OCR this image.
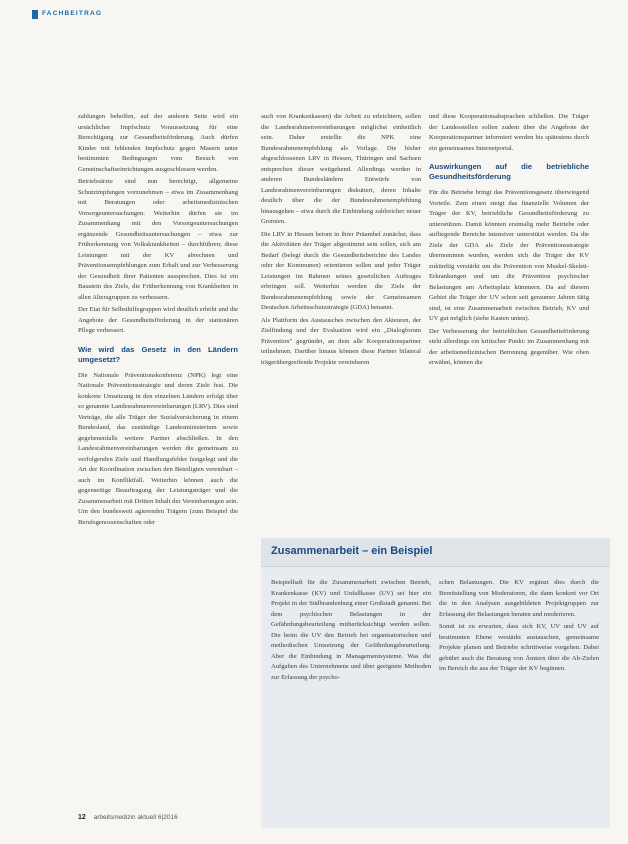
FACHBEITRAG

zahlungen beholfen, auf der anderen Seite wird ein ursächlicher Impfschutz Voraussetzung für eine Berechtigung zur Gesundheitsförderung. Auch dürfen Kinder mit fehlenden Impfschutz gegen Masern unter bestimmten Bedingungen vom Besuch von Gemeinschaftseinrichtungen ausgeschlossen werden.

Betriebsärzte sind nun berechtigt, allgemeine Schutzimpfungen vorzunehmen – etwa im Zusammenhang mit Beratungen oder arbeitsmedizinischen Vorsorgeuntersuchungen. Weiterhin dürfen sie im Zusammenhang mit den Vorsorgeuntersuchungen ergänzende Gesundheitsuntersuchungen – etwa zur Früherkennung von Volkskrankheiten – durchführen; diese Leistungen mit der KV abrechnen und Präventionsempfehlungen zum Erhalt und zur Verbesserung der Gesundheit ihrer Patienten aussprechen. Dies ist ein Baustein des Ziels, die Früherkennung von Krankheiten in allen Altersgruppen zu verbessern.

Der Etat für Selbsthilfegruppen wird deutlich erhöht und die Angebote der Gesundheitsförderung in der stationären Pflege verbessert.

Wie wird das Gesetz in den Ländern umgesetzt?

Die Nationale Präventionskonferenz (NPK) legt eine Nationale Präventionsstrategie und deren Ziele fest. Die konkrete Umsetzung in den einzelnen Ländern erfolgt über so genannte Landesrahmenvereinbarungen (LRV). Dies sind Verträge, die alle Träger der Sozialversicherung in einem Bundesland, das zuständige Landesministerium sowie gegebenenfalls weitere Partner abschließen. In den Landesrahmenvereinbarungen werden die gemeinsam zu verfolgenden Ziele und Handlungsfelder festgelegt und die Art der Koordination zwischen den Beteiligten vereinbart – auch im Konfliktfall. Weiterhin können auch die gegenseitige Beauftragung der Leistungsträger und die Zusammenarbeit mit Dritten Inhalt der Vereinbarungen sein. Um den bundesweit agierenden Trägern (zum Beispiel die Berufsgenossenschaften oder

auch von Krankenkassen) die Arbeit zu erleichtern, sollen die Landesrahmenvereinbarungen möglichst einheitlich sein. Daher erstellte die NPK eine Bundesrahmenempfehlung als Vorlage. Die bisher abgeschlossenen LRV in Hessen, Thüringen und Sachsen entsprechen dieser weitgehend. Allerdings werden in anderen Bundesländern Entwürfe von Landesrahmenvereinbarungen diskutiert, deren Inhalte deutlich über die der Bundesrahmenempfehlung hinausgehen – etwa durch die Einbindung zahlreicher neuer Gremien.

Die LRV in Hessen betont in ihrer Präambel zunächst, dass die Aktivitäten der Träger abgestimmt sein sollen, sich am Bedarf (belegt durch die Gesundheitsberichte des Landes oder der Kommunen) orientieren sollen und jeder Träger Leistungen im Rahmen seines gesetzlichen Auftrages erbringen soll. Weiterhin werden die Ziele der Bundesrahmenempfehlung sowie der Gemeinsamen Deutschen Arbeitsschutzstrategie (GDA) benannt.

Als Plattform des Austausches zwischen den Akteuren, der Zielfindung und der Evaluation wird ein „Dialogforum Prävention" gegründet, an dem alle Kooperationspartner teilnehmen. Darüber hinaus können diese Partner bilateral trägerübergreifende Projekte vereinbaren

und diese Kooperationsabsprachen schließen. Die Träger der Landesstellen sollen zudem über die Angebote der Kooperationspartner informiert werden bis spätestens durch ein gemeinsames Internetportal.

Auswirkungen auf die betriebliche Gesundheitsförderung

Für die Betriebe bringt das Präventionsgesetz überwiegend Vorteile. Zum einen steigt das finanzielle Volumen der Träger der KV, betriebliche Gesundheitsförderung zu unterstützen. Damit könnten erstmalig mehr Betriebe oder aufliegende Bereiche intensiver unterstützt werden. Da die Ziele der GDA als Ziele der Präventionsstrategie übernommen wurden, werden sich die Träger der KV zukünftig verstärkt um die Prävention von Muskel-Skelett-Erkrankungen und um die Prävention psychischer Belastungen am Arbeitsplatz kümmern. Da auf diesem Gebiet die Träger der UV schon seit geraumer Jahren tätig sind, ist eine Zusammenarbeit zwischen Betrieb, KV und UV gut möglich (siehe Kasten unten).

Der Verbesserung der betrieblichen Gesundheitsförderung steht allerdings ein kritischer Punkt: im Zusammenhang mit der arbeitsmedizinischen Betreuung gegenüber. Wie oben erwähnt, können die

Zusammenarbeit – ein Beispiel

Beispielhaft für die Zusammenarbeit zwischen Betrieb, Krankenkasse (KV) und Unfallkasse (UV) sei hier ein Projekt in der Südbrandenburg einer Großstadt genannt. Bei dem psychischen Belastungen in der Gefährdungsbeurteilung mitberücksichtigt werden sollen. Die beim die UV den Betrieb bei organisatorischen und methodischen Umsetzung der Gefährdungsbeurteilung. Aber die Einbindung in Managementsysteme. Was die Aufgaben des Unternehmens und über geeignete Methoden zur Erfassung der psycho-

schen Belastungen. Die KV ergänzt dies durch die Bereitstellung von Moderatoren, die dann konkret vor Ort die in den Analysen ausgebildeten Projektgruppen zur Erfassung der Belastungen beraten und moderieren.

Somit ist zu erwarten, dass sich KV, UV und UV auf bestimmten Ebene verstärkt austauschen, gemeinsame Projekte planen und Betriebe schrittweise vorgehen. Dabei gebührt auch die Beratung von Ämtern über die Ab-Zielen im Bereich die aus der Träger der KV beginnen.

12 arbeitsmedizin aktuell 6|2016
